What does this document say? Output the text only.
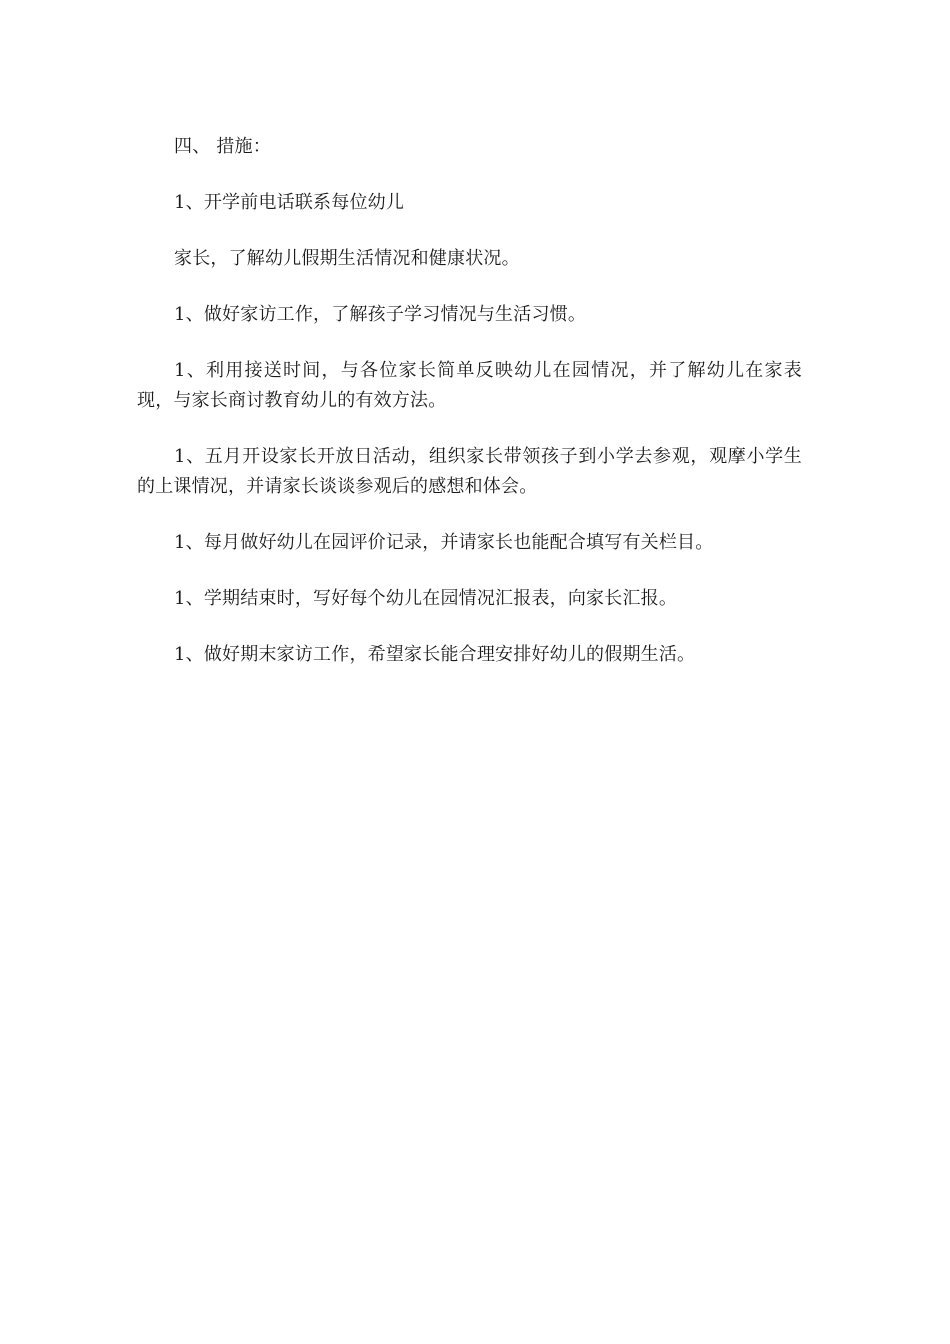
四、 措施：

1、开学前电话联系每位幼儿

家长，了解幼儿假期生活情况和健康状况。

1、做好家访工作，了解孩子学习情况与生活习惯。

1、利用接送时间，与各位家长简单反映幼儿在园情况，并了解幼儿在家表现，与家长商讨教育幼儿的有效方法。

1、五月开设家长开放日活动，组织家长带领孩子到小学去参观，观摩小学生的上课情况，并请家长谈谈参观后的感想和体会。

1、每月做好幼儿在园评价记录，并请家长也能配合填写有关栏目。

1、学期结束时，写好每个幼儿在园情况汇报表，向家长汇报。

1、做好期末家访工作，希望家长能合理安排好幼儿的假期生活。
